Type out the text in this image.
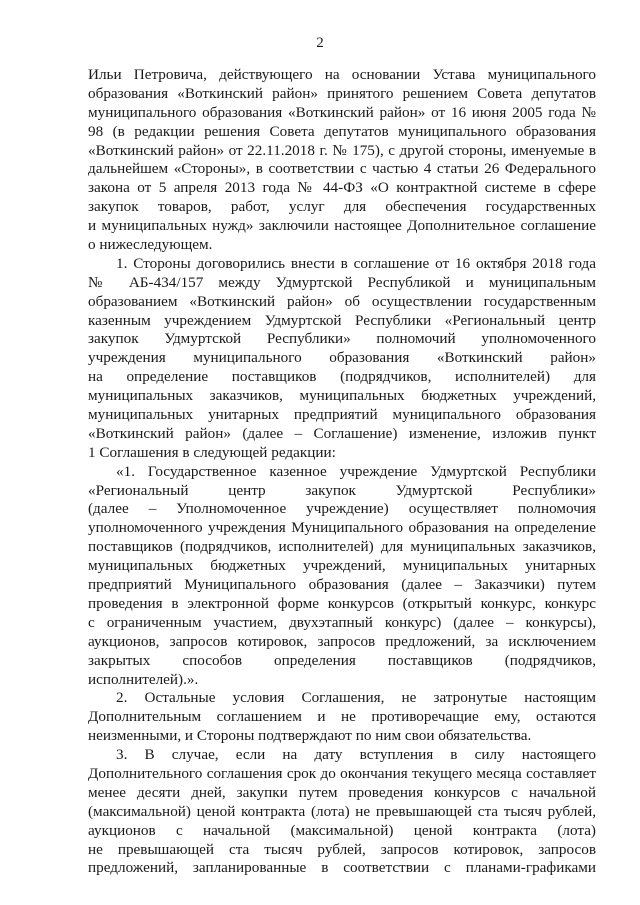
2
Ильи Петровича, действующего на основании Устава муниципального
образования «Воткинский район» принятого решением Совета депутатов
муниципального образования «Воткинский район» от 16 июня 2005 года №
98 (в редакции решения Совета депутатов муниципального образования
«Воткинский район» от 22.11.2018 г. № 175), с другой стороны, именуемые в
дальнейшем «Стороны», в соответствии с частью 4 статьи 26 Федерального
закона от 5 апреля 2013 года № 44-ФЗ «О контрактной системе в сфере
закупок товаров, работ, услуг для обеспечения государственных
и муниципальных нужд» заключили настоящее Дополнительное соглашение
о нижеследующем.
1. Стороны договорились внести в соглашение от 16 октября 2018 года
№ АБ-434/157 между Удмуртской Республикой и муниципальным
образованием «Воткинский район» об осуществлении государственным
казенным учреждением Удмуртской Республики «Региональный центр
закупок Удмуртской Республики» полномочий уполномоченного
учреждения муниципального образования «Воткинский район»
на определение поставщиков (подрядчиков, исполнителей) для
муниципальных заказчиков, муниципальных бюджетных учреждений,
муниципальных унитарных предприятий муниципального образования
«Воткинский район» (далее – Соглашение) изменение, изложив пункт
1 Соглашения в следующей редакции:
«1. Государственное казенное учреждение Удмуртской Республики
«Региональный центр закупок Удмуртской Республики»
(далее – Уполномоченное учреждение) осуществляет полномочия
уполномоченного учреждения Муниципального образования на определение
поставщиков (подрядчиков, исполнителей) для муниципальных заказчиков,
муниципальных бюджетных учреждений, муниципальных унитарных
предприятий Муниципального образования (далее – Заказчики) путем
проведения в электронной форме конкурсов (открытый конкурс, конкурс
с ограниченным участием, двухэтапный конкурс) (далее – конкурсы),
аукционов, запросов котировок, запросов предложений, за исключением
закрытых способов определения поставщиков (подрядчиков,
исполнителей).».
2. Остальные условия Соглашения, не затронутые настоящим
Дополнительным соглашением и не противоречащие ему, остаются
неизменными, и Стороны подтверждают по ним свои обязательства.
3. В случае, если на дату вступления в силу настоящего
Дополнительного соглашения срок до окончания текущего месяца составляет
менее десяти дней, закупки путем проведения конкурсов с начальной
(максимальной) ценой контракта (лота) не превышающей ста тысяч рублей,
аукционов с начальной (максимальной) ценой контракта (лота)
не превышающей ста тысяч рублей, запросов котировок, запросов
предложений, запланированные в соответствии с планами-графиками
